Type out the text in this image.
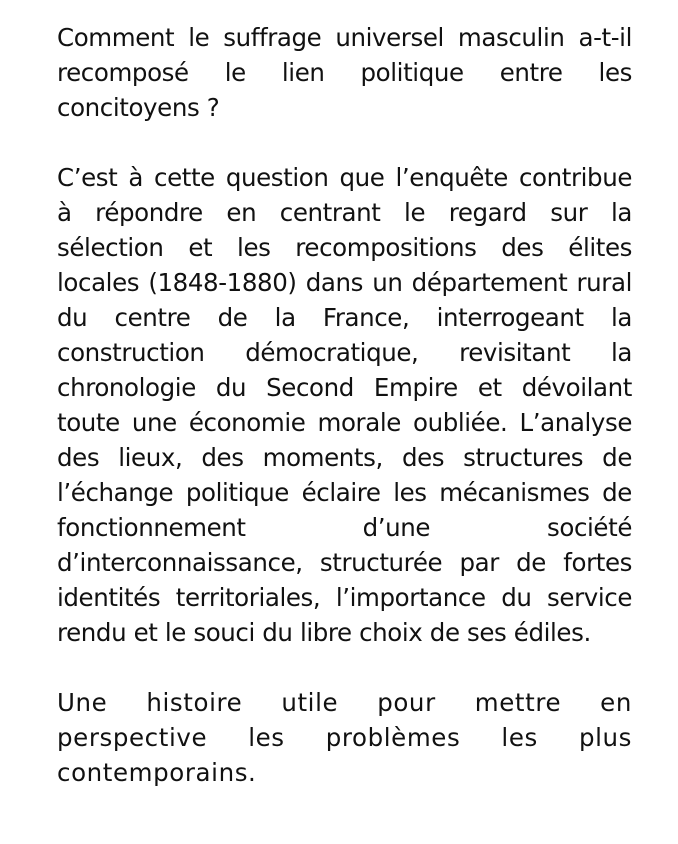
Comment le suffrage universel masculin a-t-il recomposé le lien politique entre les concitoyens ?

C’est à cette question que l’enquête contribue à répondre en centrant le regard sur la sélection et les recompositions des élites locales (1848-1880) dans un département rural du centre de la France, interrogeant la construction démocratique, revisitant la chronologie du Second Empire et dévoilant toute une économie morale oubliée. L’analyse des lieux, des moments, des structures de l’échange politique éclaire les mécanismes de fonctionnement d’une société d’interconnaissance, structurée par de fortes identités territoriales, l’importance du service rendu et le souci du libre choix de ses édiles.

Une histoire utile pour mettre en perspective les problèmes les plus contemporains.
